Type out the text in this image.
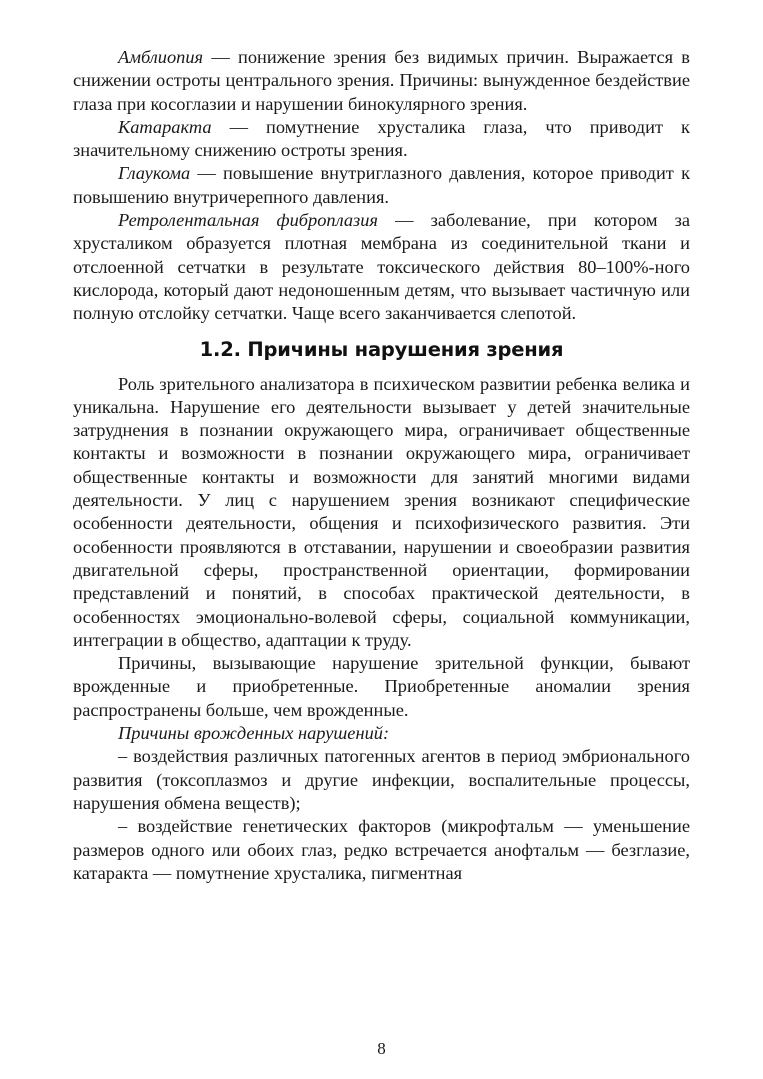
Амблиопия — понижение зрения без видимых причин. Выражается в снижении остроты центрального зрения. Причины: вынужденное бездействие глаза при косоглазии и нарушении бинокулярного зрения.

Катаракта — помутнение хрусталика глаза, что приводит к значительному снижению остроты зрения.

Глаукома — повышение внутриглазного давления, которое приводит к повышению внутричерепного давления.

Ретролентальная фиброплазия — заболевание, при котором за хрусталиком образуется плотная мембрана из соединительной ткани и отслоенной сетчатки в результате токсического действия 80–100%-ного кислорода, который дают недоношенным детям, что вызывает частичную или полную отслойку сетчатки. Чаще всего заканчивается слепотой.

1.2. Причины нарушения зрения

Роль зрительного анализатора в психическом развитии ребенка велика и уникальна. Нарушение его деятельности вызывает у детей значительные затруднения в познании окружающего мира, ограничивает общественные контакты и возможности в познании окружающего мира, ограничивает общественные контакты и возможности для занятий многими видами деятельности. У лиц с нарушением зрения возникают специфические особенности деятельности, общения и психофизического развития. Эти особенности проявляются в отставании, нарушении и своеобразии развития двигательной сферы, пространственной ориентации, формировании представлений и понятий, в способах практической деятельности, в особенностях эмоционально-волевой сферы, социальной коммуникации, интеграции в общество, адаптации к труду.

Причины, вызывающие нарушение зрительной функции, бывают врожденные и приобретенные. Приобретенные аномалии зрения распространены больше, чем врожденные.

Причины врожденных нарушений:

– воздействия различных патогенных агентов в период эмбрионального развития (токсоплазмоз и другие инфекции, воспалительные процессы, нарушения обмена веществ);

– воздействие генетических факторов (микрофтальм — уменьшение размеров одного или обоих глаз, редко встречается анофтальм — безглазие, катаракта — помутнение хрусталика, пигментная

8
